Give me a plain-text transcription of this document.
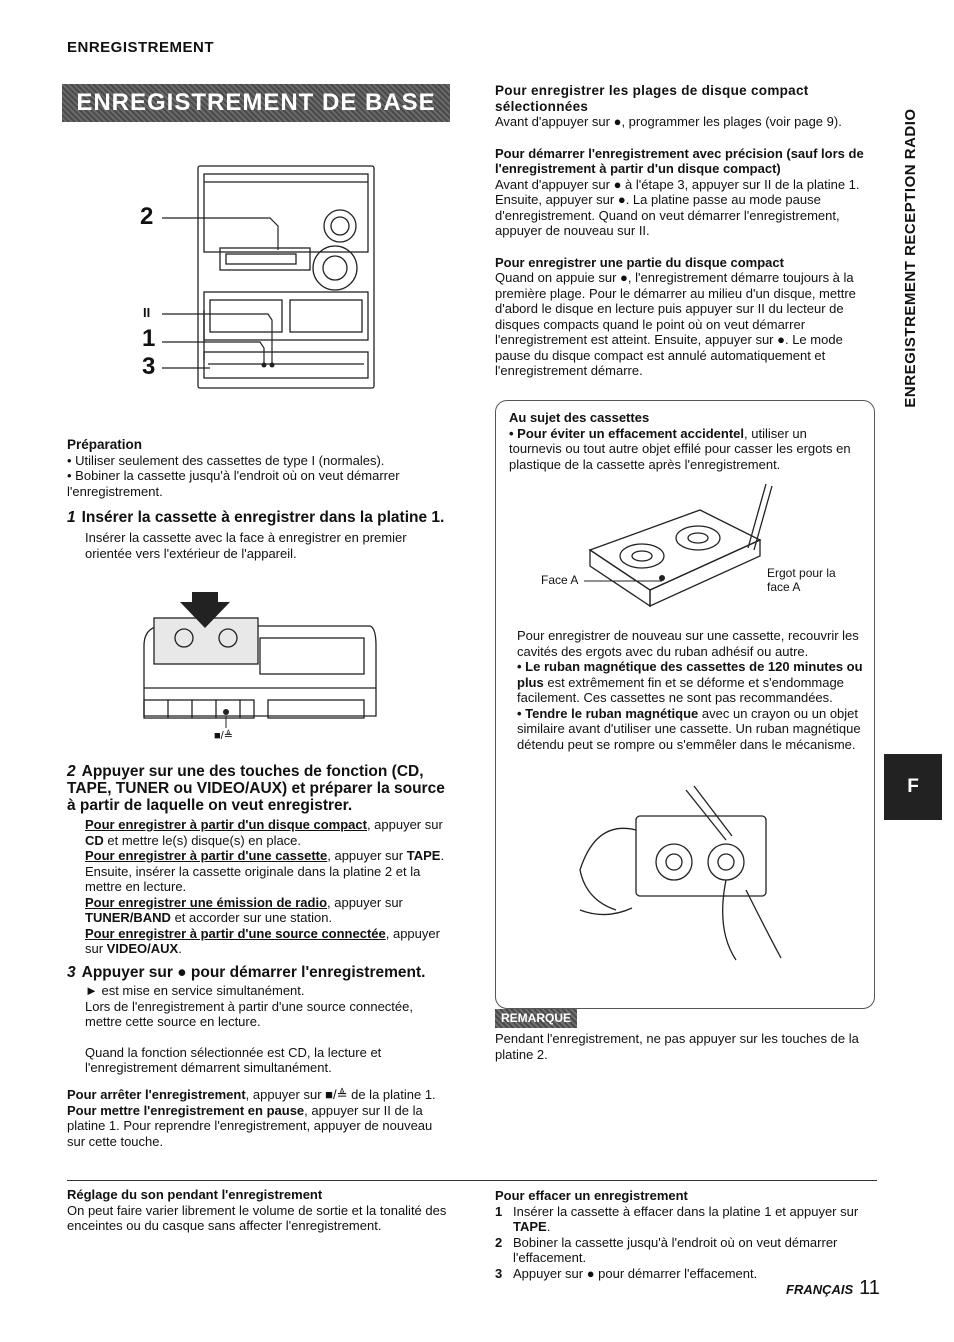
ENREGISTREMENT
ENREGISTREMENT DE BASE
ENREGISTREMENT RECEPTION RADIO
F
2
II
1
3

Préparation

• Utiliser seulement des cassettes de type I (normales).

• Bobiner la cassette jusqu'à l'endroit où on veut démarrer l'enregistrement.

1 Insérer la cassette à enregistrer dans la platine 1.

Insérer la cassette avec la face à enregistrer en premier orientée vers l'extérieur de l'appareil.

■/≜

2 Appuyer sur une des touches de fonction (CD, TAPE, TUNER ou VIDEO/AUX) et préparer la source à partir de laquelle on veut enregistrer.

Pour enregistrer à partir d'un disque compact, appuyer sur CD et mettre le(s) disque(s) en place.

Pour enregistrer à partir d'une cassette, appuyer sur TAPE. Ensuite, insérer la cassette originale dans la platine 2 et la mettre en lecture.

Pour enregistrer une émission de radio, appuyer sur TUNER/BAND et accorder sur une station.

Pour enregistrer à partir d'une source connectée, appuyer sur VIDEO/AUX.

3 Appuyer sur ● pour démarrer l'enregistrement.

► est mise en service simultanément.

Lors de l'enregistrement à partir d'une source connectée, mettre cette source en lecture.

Quand la fonction sélectionnée est CD, la lecture et l'enregistrement démarrent simultanément.

Pour arrêter l'enregistrement, appuyer sur ■/≜ de la platine 1.

Pour mettre l'enregistrement en pause, appuyer sur II de la platine 1. Pour reprendre l'enregistrement, appuyer de nouveau sur cette touche.

Pour enregistrer les plages de disque compact sélectionnées

Avant d'appuyer sur ●, programmer les plages (voir page 9).

Pour démarrer l'enregistrement avec précision (sauf lors de l'enregistrement à partir d'un disque compact)

Avant d'appuyer sur ● à l'étape 3, appuyer sur II de la platine 1. Ensuite, appuyer sur ●. La platine passe au mode pause d'enregistrement. Quand on veut démarrer l'enregistrement, appuyer de nouveau sur II.

Pour enregistrer une partie du disque compact

Quand on appuie sur ●, l'enregistrement démarre toujours à la première plage. Pour le démarrer au milieu d'un disque, mettre d'abord le disque en lecture puis appuyer sur II du lecteur de disques compacts quand le point où on veut démarrer l'enregistrement est atteint. Ensuite, appuyer sur ●. Le mode pause du disque compact est annulé automatiquement et l'enregistrement démarre.

Au sujet des cassettes

• Pour éviter un effacement accidentel, utiliser un tournevis ou tout autre objet effilé pour casser les ergots en plastique de la cassette après l'enregistrement.

Face A	Ergot pour la face A

Pour enregistrer de nouveau sur une cassette, recouvrir les cavités des ergots avec du ruban adhésif ou autre.

• Le ruban magnétique des cassettes de 120 minutes ou plus est extrêmement fin et se déforme et s'endommage facilement. Ces cassettes ne sont pas recommandées.

• Tendre le ruban magnétique avec un crayon ou un objet similaire avant d'utiliser une cassette. Un ruban magnétique détendu peut se rompre ou s'emmêler dans le mécanisme.

REMARQUE
Pendant l'enregistrement, ne pas appuyer sur les touches de la platine 2.

Réglage du son pendant l'enregistrement

On peut faire varier librement le volume de sortie et la tonalité des enceintes ou du casque sans affecter l'enregistrement.

Pour effacer un enregistrement

1 Insérer la cassette à effacer dans la platine 1 et appuyer sur TAPE.
2 Bobiner la cassette jusqu'à l'endroit où on veut démarrer l'effacement.
3 Appuyer sur ● pour démarrer l'effacement.
FRANÇAIS 11
